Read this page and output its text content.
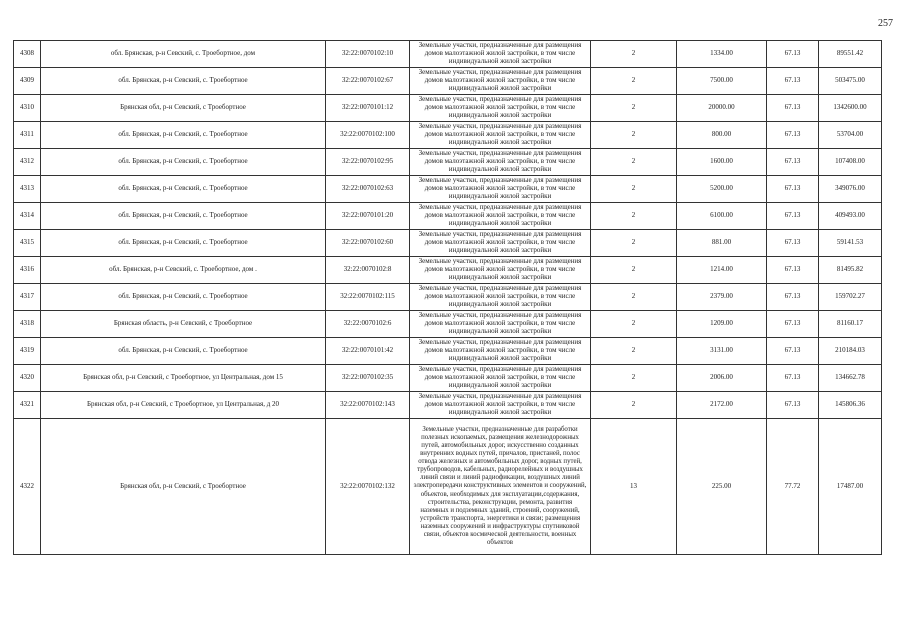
257
4308	обл. Брянская, р-н Севский, с. Троебортное, дом	32:22:0070102:10	Земельные участки, предназначенные для размещения домов малоэтажной жилой застройки, в том числе индивидуальной жилой застройки	2	1334.00	67.13	89551.42
4309	обл. Брянская, р-н Севский, с. Троебортное	32:22:0070102:67	Земельные участки, предназначенные для размещения домов малоэтажной жилой застройки, в том числе индивидуальной жилой застройки	2	7500.00	67.13	503475.00
4310	Брянская обл, р-н Севский, с Троебортное	32:22:0070101:12	Земельные участки, предназначенные для размещения домов малоэтажной жилой застройки, в том числе индивидуальной жилой застройки	2	20000.00	67.13	1342600.00
4311	обл. Брянская, р-н Севский, с. Троебортное	32:22:0070102:100	Земельные участки, предназначенные для размещения домов малоэтажной жилой застройки, в том числе индивидуальной жилой застройки	2	800.00	67.13	53704.00
4312	обл. Брянская, р-н Севский, с. Троебортное	32:22:0070102:95	Земельные участки, предназначенные для размещения домов малоэтажной жилой застройки, в том числе индивидуальной жилой застройки	2	1600.00	67.13	107408.00
4313	обл. Брянская, р-н Севский, с. Троебортное	32:22:0070102:63	Земельные участки, предназначенные для размещения домов малоэтажной жилой застройки, в том числе индивидуальной жилой застройки	2	5200.00	67.13	349076.00
4314	обл. Брянская, р-н Севский, с. Троебортное	32:22:0070101:20	Земельные участки, предназначенные для размещения домов малоэтажной жилой застройки, в том числе индивидуальной жилой застройки	2	6100.00	67.13	409493.00
4315	обл. Брянская, р-н Севский, с. Троебортное	32:22:0070102:60	Земельные участки, предназначенные для размещения домов малоэтажной жилой застройки, в том числе индивидуальной жилой застройки	2	881.00	67.13	59141.53
4316	обл. Брянская, р-н Севский, с. Троебортное, дом .	32:22:0070102:8	Земельные участки, предназначенные для размещения домов малоэтажной жилой застройки, в том числе индивидуальной жилой застройки	2	1214.00	67.13	81495.82
4317	обл. Брянская, р-н Севский, с. Троебортное	32:22:0070102:115	Земельные участки, предназначенные для размещения домов малоэтажной жилой застройки, в том числе индивидуальной жилой застройки	2	2379.00	67.13	159702.27
4318	Брянская область, р-н Севский, с Троебортное	32:22:0070102:6	Земельные участки, предназначенные для размещения домов малоэтажной жилой застройки, в том числе индивидуальной жилой застройки	2	1209.00	67.13	81160.17
4319	обл. Брянская, р-н Севский, с. Троебортное	32:22:0070101:42	Земельные участки, предназначенные для размещения домов малоэтажной жилой застройки, в том числе индивидуальной жилой застройки	2	3131.00	67.13	210184.03
4320	Брянская обл, р-н Севский, с Троебортное, ул Центральная, дом 15	32:22:0070102:35	Земельные участки, предназначенные для размещения домов малоэтажной жилой застройки, в том числе индивидуальной жилой застройки	2	2006.00	67.13	134662.78
4321	Брянская обл, р-н Севский, с Троебортное, ул Центральная, д 20	32:22:0070102:143	Земельные участки, предназначенные для размещения домов малоэтажной жилой застройки, в том числе индивидуальной жилой застройки	2	2172.00	67.13	145806.36
4322	Брянская обл, р-н Севский, с Троебортное	32:22:0070102:132	Земельные участки, предназначенные для разработки полезных ископаемых, размещения железнодорожных путей, автомобильных дорог, искусственно созданных внутренних водных путей, причалов, пристаней, полос отвода железных и автомобильных дорог, водных путей, трубопроводов, кабельных, радиорелейных и воздушных линий связи и линий радиофикации, воздушных линий электропередачи конструктивных элементов и сооружений, объектов, необходимых для эксплуатации,содержания, строительства, реконструкции, ремонта, развития наземных и подземных зданий, строений, сооружений, устройств транспорта, энергетики и связи; размещения наземных сооружений и инфраструктуры спутниковой связи, объектов космической деятельности, военных объектов	13	225.00	77.72	17487.00
